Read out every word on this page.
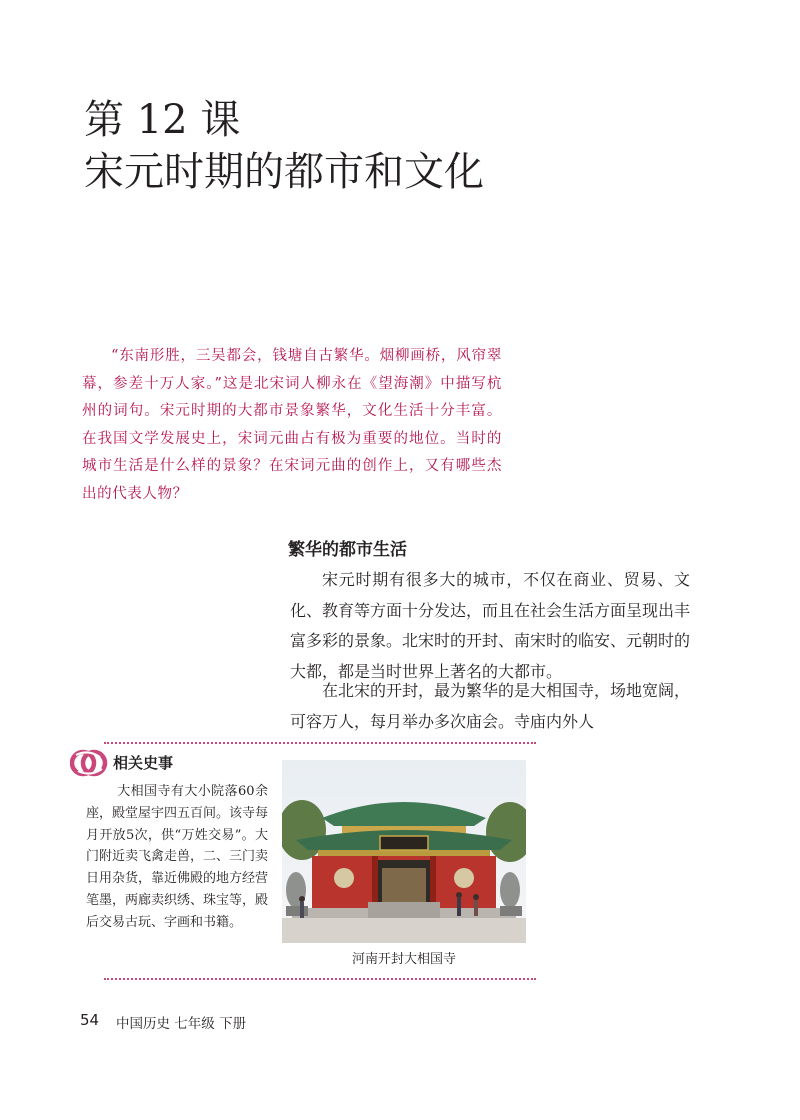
第 12 课
宋元时期的都市和文化

“东南形胜，三吴都会，钱塘自古繁华。烟柳画桥，风帘翠幕，参差十万人家。”这是北宋词人柳永在《望海潮》中描写杭州的词句。宋元时期的大都市景象繁华，文化生活十分丰富。在我国文学发展史上，宋词元曲占有极为重要的地位。当时的城市生活是什么样的景象？在宋词元曲的创作上，又有哪些杰出的代表人物？

繁华的都市生活

宋元时期有很多大的城市，不仅在商业、贸易、文化、教育等方面十分发达，而且在社会生活方面呈现出丰富多彩的景象。北宋时的开封、南宋时的临安、元朝时的大都，都是当时世界上著名的大都市。

在北宋的开封，最为繁华的是大相国寺，场地宽阔，可容万人，每月举办多次庙会。寺庙内外人

相关史事

大相国寺有大小院落60余座，殿堂屋宇四五百间。该寺每月开放5次，供“万姓交易”。大门附近卖飞禽走兽，二、三门卖日用杂货，靠近佛殿的地方经营笔墨，两廊卖织绣、珠宝等，殿后交易古玩、字画和书籍。

河南开封大相国寺
54 中国历史 七年级 下册
